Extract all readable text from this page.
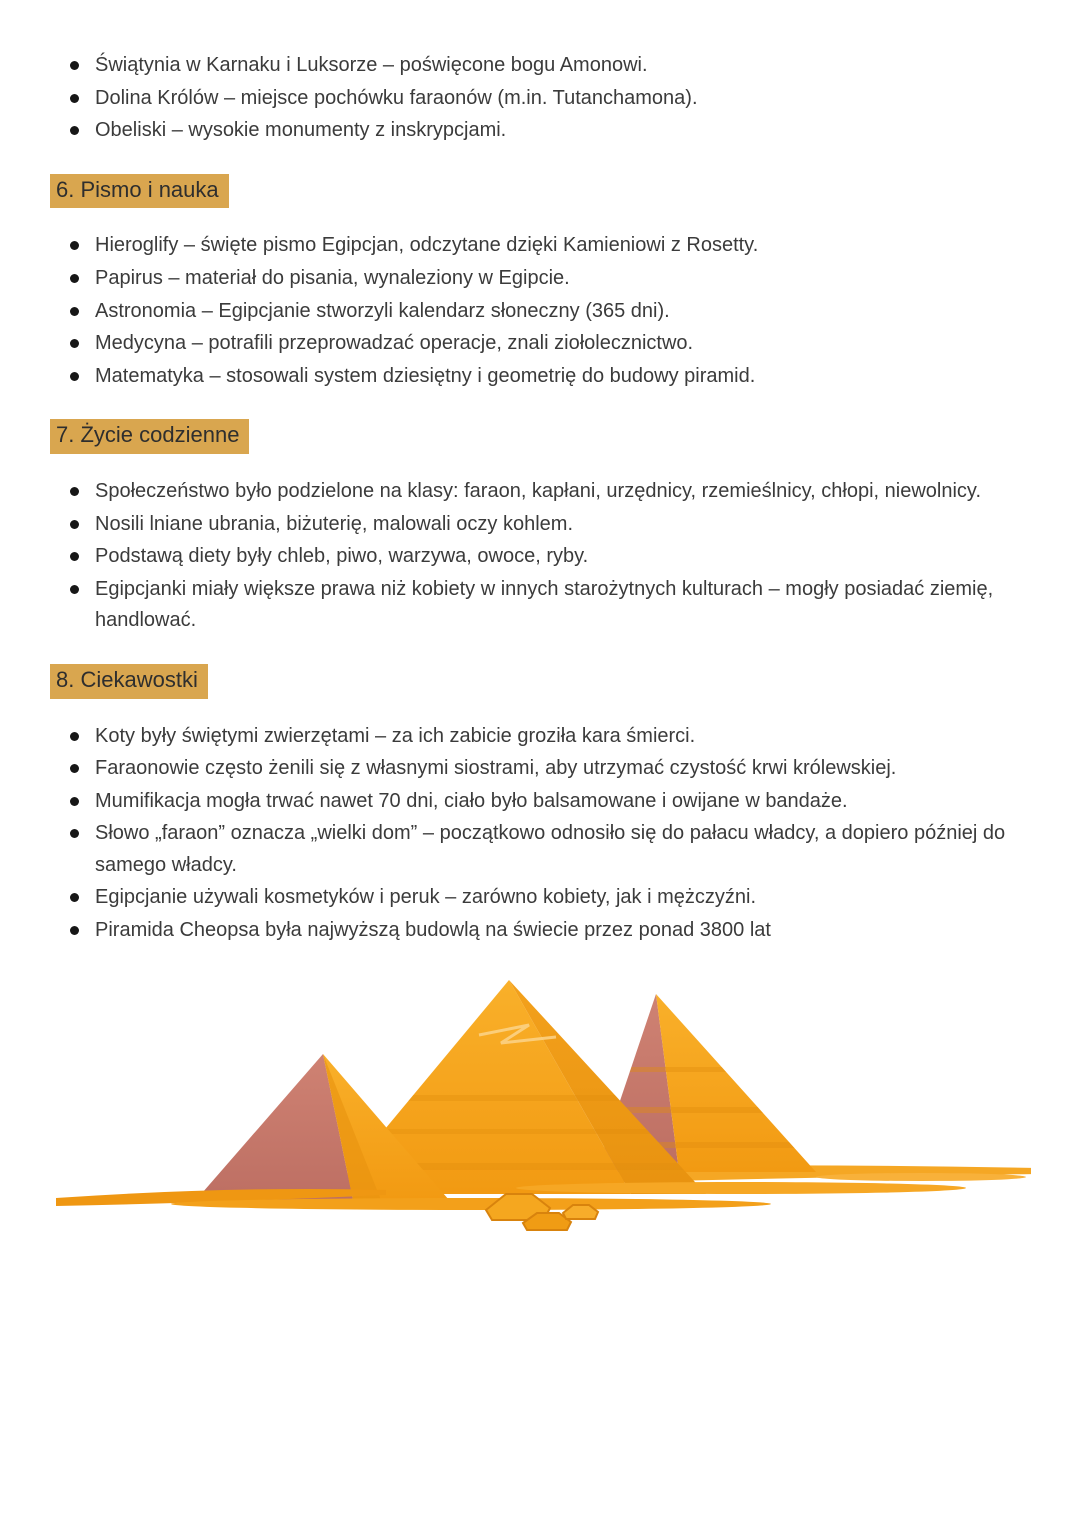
Świątynia w Karnaku i Luksorze – poświęcone bogu Amonowi.
Dolina Królów – miejsce pochówku faraonów (m.in. Tutanchamona).
Obeliski – wysokie monumenty z inskrypcjami.
6. Pismo i nauka
Hieroglify – święte pismo Egipcjan, odczytane dzięki Kamieniowi z Rosetty.
Papirus – materiał do pisania, wynaleziony w Egipcie.
Astronomia – Egipcjanie stworzyli kalendarz słoneczny (365 dni).
Medycyna – potrafili przeprowadzać operacje, znali ziołolecznictwo.
Matematyka – stosowali system dziesiętny i geometrię do budowy piramid.
7. Życie codzienne
Społeczeństwo było podzielone na klasy: faraon, kapłani, urzędnicy, rzemieślnicy, chłopi, niewolnicy.
Nosili lniane ubrania, biżuterię, malowali oczy kohlem.
Podstawą diety były chleb, piwo, warzywa, owoce, ryby.
Egipcjanki miały większe prawa niż kobiety w innych starożytnych kulturach – mogły posiadać ziemię, handlować.
8. Ciekawostki
Koty były świętymi zwierzętami – za ich zabicie groziła kara śmierci.
Faraonowie często żenili się z własnymi siostrami, aby utrzymać czystość krwi królewskiej.
Mumifikacja mogła trwać nawet 70 dni, ciało było balsamowane i owijane w bandaże.
Słowo „faraon” oznacza „wielki dom” – początkowo odnosiło się do pałacu władcy, a dopiero później do samego władcy.
Egipcjanie używali kosmetyków i peruk – zarówno kobiety, jak i mężczyźni.
Piramida Cheopsa była najwyższą budowlą na świecie przez ponad 3800 lat
